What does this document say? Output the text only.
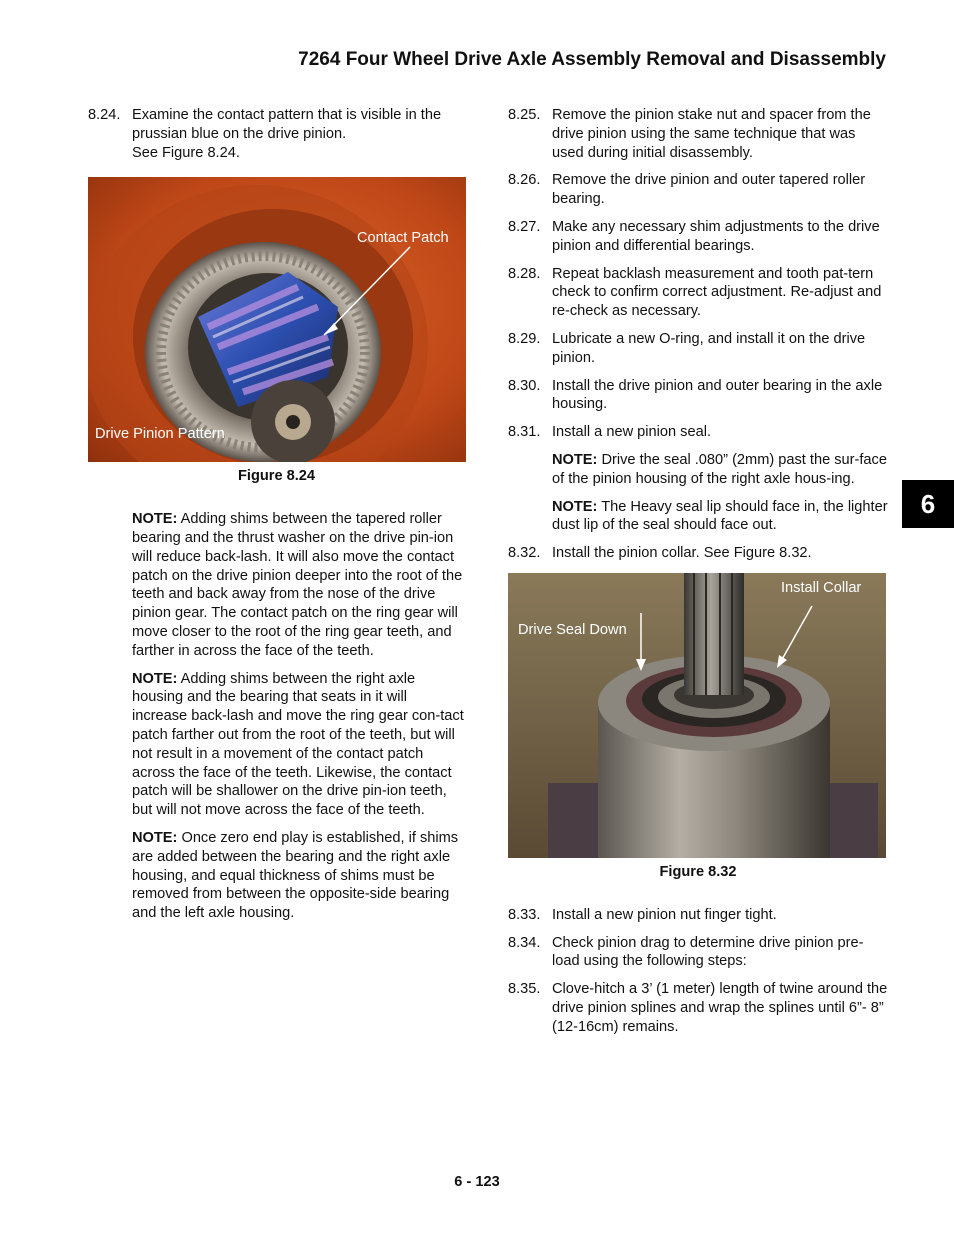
7264 Four Wheel Drive Axle Assembly Removal and Disassembly
8.24. Examine the contact pattern that is visible in the prussian blue on the drive pinion.
See Figure 8.24.
Contact Patch
Drive Pinion Pattern

Figure 8.24

NOTE: Adding shims between the tapered roller bearing and the thrust washer on the drive pin-ion will reduce back-lash. It will also move the contact patch on the drive pinion deeper into the root of the teeth and back away from the nose of the drive pinion gear. The contact patch on the ring gear will move closer to the root of the ring gear teeth, and farther in across the face of the teeth.

NOTE: Adding shims between the right axle housing and the bearing that seats in it will increase back-lash and move the ring gear con-tact patch farther out from the root of the teeth, but will not result in a movement of the contact patch across the face of the teeth. Likewise, the contact patch will be shallower on the drive pin-ion teeth, but will not move across the face of the teeth.

NOTE: Once zero end play is established, if shims are added between the bearing and the right axle housing, and equal thickness of shims must be removed from between the opposite-side bearing and the left axle housing.

8.25. Remove the pinion stake nut and spacer from the drive pinion using the same technique that was used during initial disassembly.
8.26. Remove the drive pinion and outer tapered roller bearing.
8.27. Make any necessary shim adjustments to the drive pinion and differential bearings.
8.28. Repeat backlash measurement and tooth pat-tern check to confirm correct adjustment. Re-adjust and re-check as necessary.
8.29. Lubricate a new O-ring, and install it on the drive pinion.
8.30. Install the drive pinion and outer bearing in the axle housing.
8.31. Install a new pinion seal.

NOTE: Drive the seal .080” (2mm) past the sur-face of the pinion housing of the right axle hous-ing.

NOTE: The Heavy seal lip should face in, the lighter dust lip of the seal should face out.

8.32. Install the pinion collar. See Figure 8.32.
Install Collar
Drive Seal Down

Figure 8.32

8.33. Install a new pinion nut finger tight.
8.34. Check pinion drag to determine drive pinion pre-load using the following steps:
8.35. Clove-hitch a 3’ (1 meter) length of twine around the drive pinion splines and wrap the splines until 6”- 8” (12-16cm) remains.
6
6 - 123
